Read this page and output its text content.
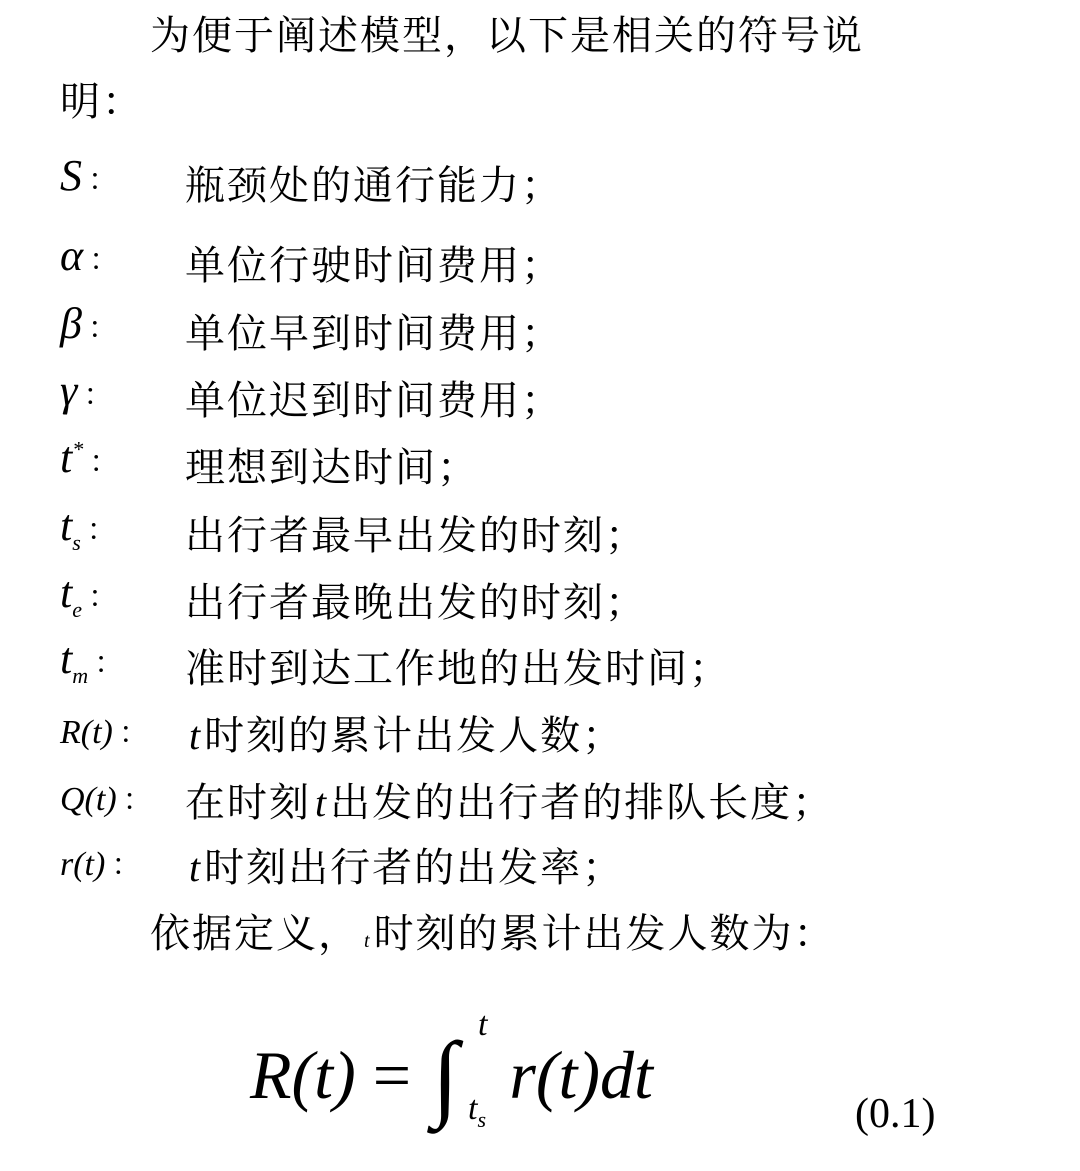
为便于阐述模型，以下是相关的符号说
明：
S ：	瓶颈处的通行能力；
α ：	单位行驶时间费用；
β ：	单位早到时间费用；
γ ：	单位迟到时间费用；
t* ：	理想到达时间；
$t_s$ ：	出行者最早出发的时刻；
$t_e$ ：	出行者最晚出发的时刻；
$t_m$ ：	准时到达工作地的出发时间；
R(t) ： t 时刻的累计出发人数；
Q(t) ： 在时刻 t 出发的出行者的排队长度；
r(t) ： t 时刻出行者的出发率；
依据定义， t 时刻的累计出发人数为：
R(t) = ∫ t
$t_s$
r(t)dt
(0.1)
